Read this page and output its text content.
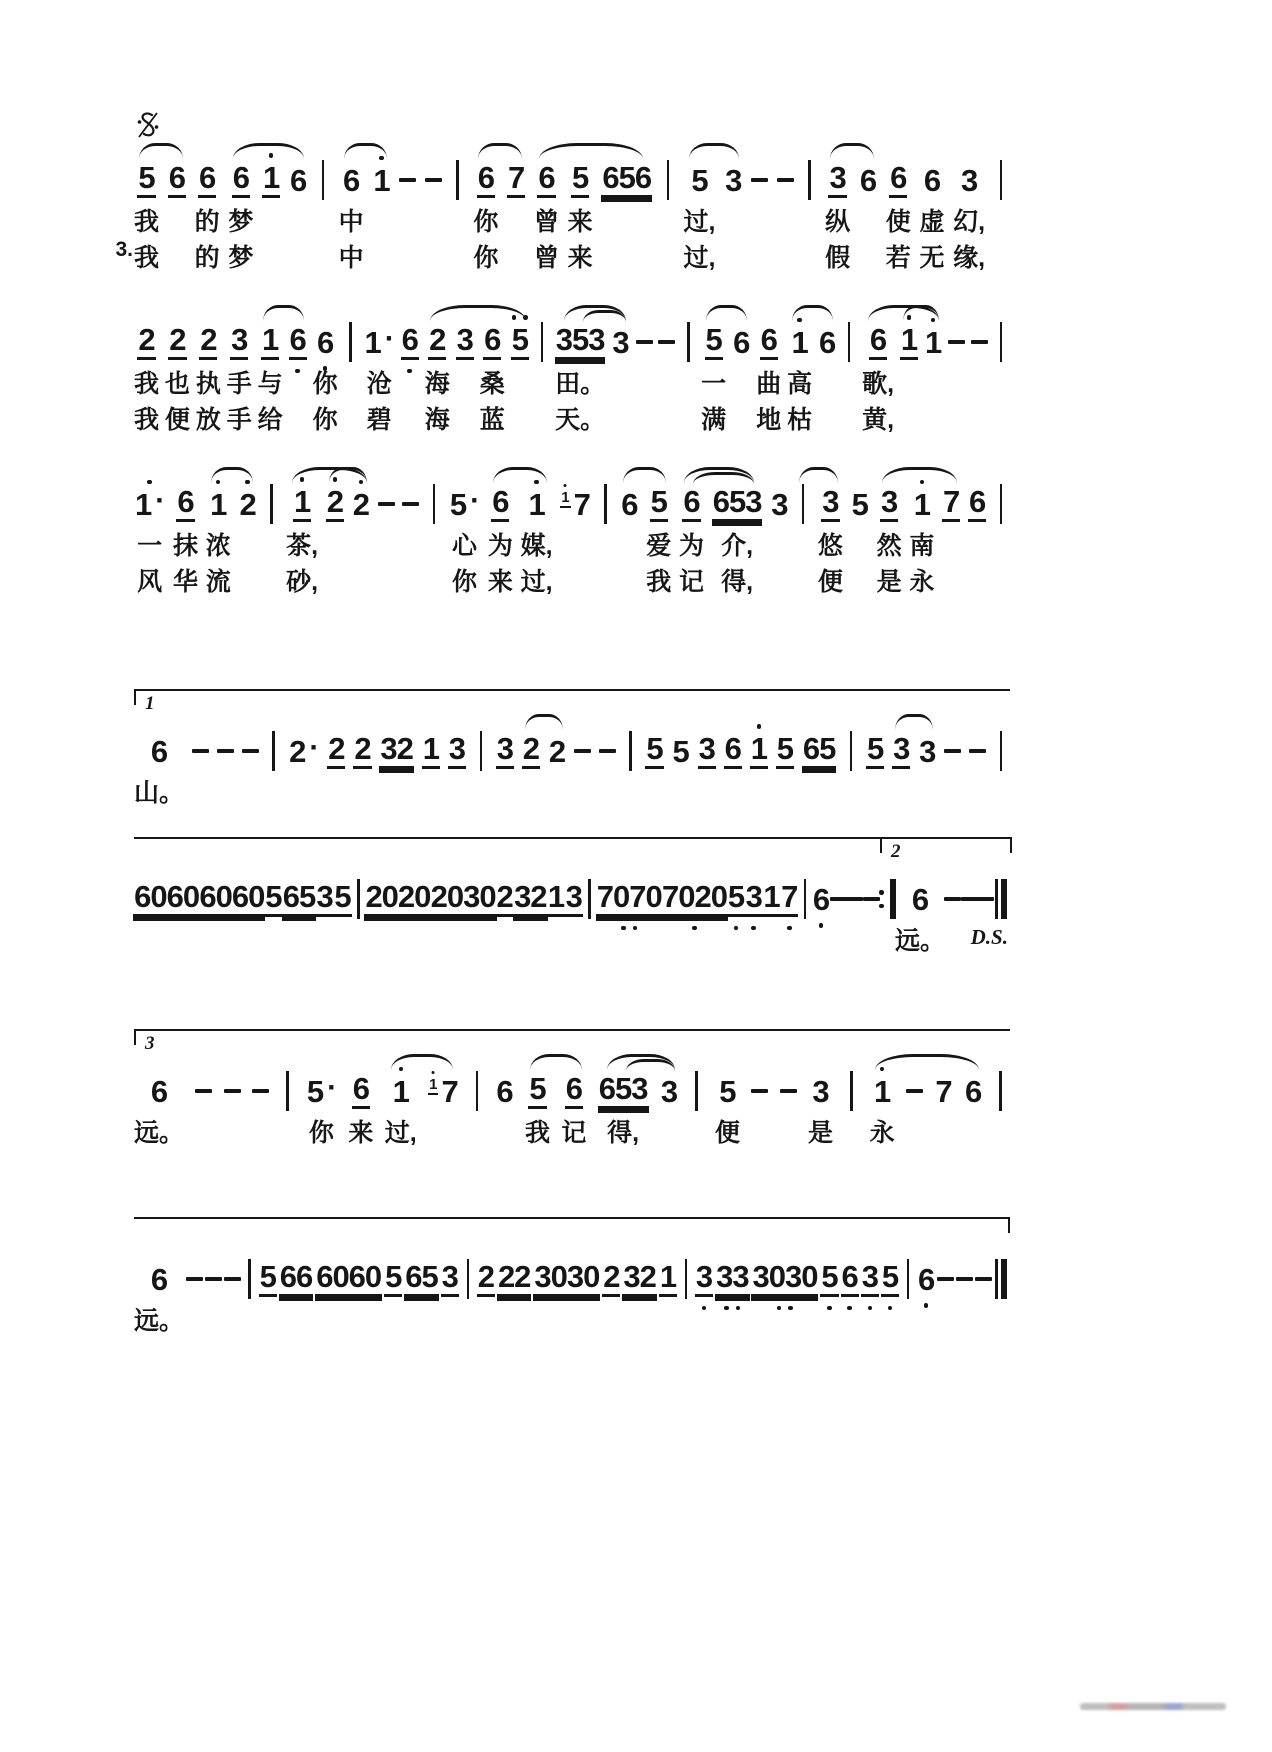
5
我
我
3.
6 6
的
的
6
梦
梦
1 6 6
中
中
1	6
你
你
7 6
曾
曾
5
来
来
656 5
过,
过,
3	3
纵
假
6 6
使
若
6
虚
无
3
幻,
缘,
2
我
我
2
也
便
2
执
放
3
手
手
1
与
给
6 6
你
你
1 ·
沧
碧
6 2
海
海
3 6
桑
蓝
5 353
田。
天。
3 5
一
满
6 6
曲
地
1
高
枯
6 6
歌,
黄,
1 1
1 ·
一
风
6
抹
华
1
浓
流
2 1
茶,
砂,
2 2	5 ·
心
你
6
为
来
1
媒,
过,
1 7 6 5
爱
我
6
为
记
653
介,
得,
3 3
悠
便
5 3
然
是
1
南
永
7 6
6
山。
2 · 2 2 32 1 3 3 2 2	5 5 3 6 1 5 65 5 3 3
1
6060 6060 5 65 3 5 2020 2030 2 32 1 3 7070 7020 5 3 1 7 6	6
远。
2
D.S.
6
远。
5 ·
你
6
来
1
过,
1 7 6 5
我
6
记
653
得,
3 5
便
3
是
1
永
7 6
3
6
远。
5 66 6060 5 65 3 2 22 3030 2 32 1 3 33 3030 5 6 3 5 6
